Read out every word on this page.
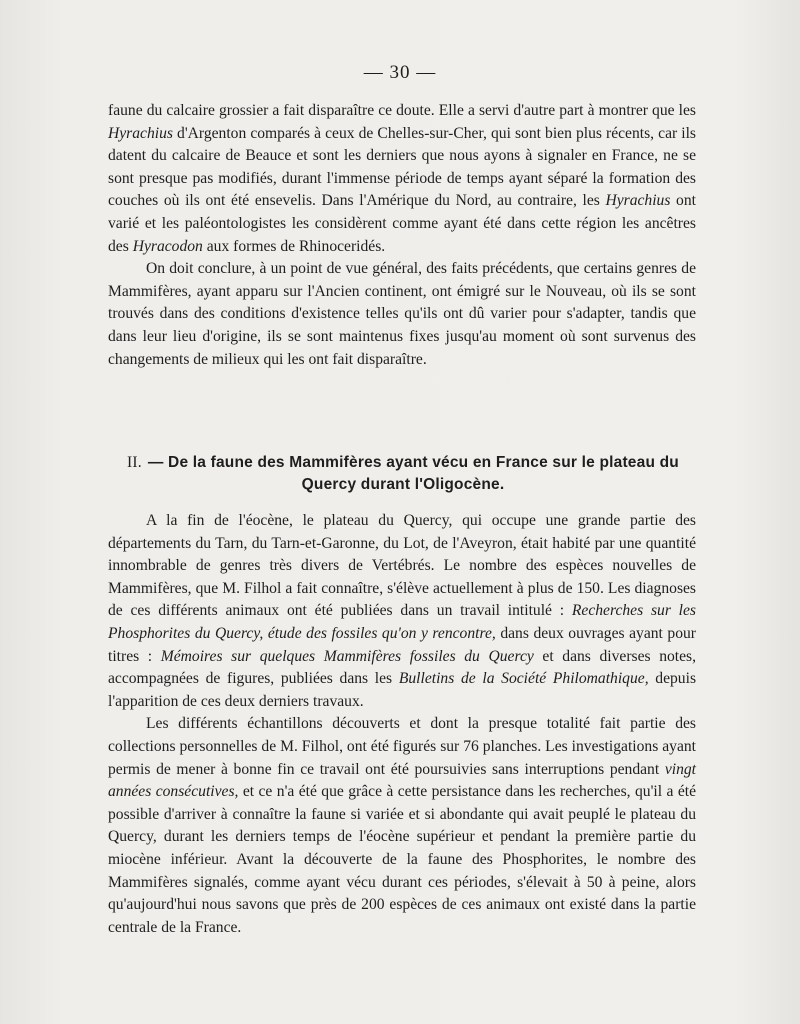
— 30 —

faune du calcaire grossier a fait disparaître ce doute. Elle a servi d'autre part à montrer que les Hyrachius d'Argenton comparés à ceux de Chelles-sur-Cher, qui sont bien plus récents, car ils datent du calcaire de Beauce et sont les derniers que nous ayons à signaler en France, ne se sont presque pas modifiés, durant l'immense période de temps ayant séparé la formation des couches où ils ont été ensevelis. Dans l'Amérique du Nord, au contraire, les Hyrachius ont varié et les paléontologistes les considèrent comme ayant été dans cette région les ancêtres des Hyracodon aux formes de Rhinoceridés.

On doit conclure, à un point de vue général, des faits précédents, que certains genres de Mammifères, ayant apparu sur l'Ancien continent, ont émigré sur le Nouveau, où ils se sont trouvés dans des conditions d'existence telles qu'ils ont dû varier pour s'adapter, tandis que dans leur lieu d'origine, ils se sont maintenus fixes jusqu'au moment où sont survenus des changements de milieux qui les ont fait disparaître.

II. — De la faune des Mammifères ayant vécu en France sur le plateau du Quercy durant l'Oligocène.

A la fin de l'éocène, le plateau du Quercy, qui occupe une grande partie des départements du Tarn, du Tarn-et-Garonne, du Lot, de l'Aveyron, était habité par une quantité innombrable de genres très divers de Vertébrés. Le nombre des espèces nouvelles de Mammifères, que M. Filhol a fait connaître, s'élève actuellement à plus de 150. Les diagnoses de ces différents animaux ont été publiées dans un travail intitulé : Recherches sur les Phosphorites du Quercy, étude des fossiles qu'on y rencontre, dans deux ouvrages ayant pour titres : Mémoires sur quelques Mammifères fossiles du Quercy et dans diverses notes, accompagnées de figures, publiées dans les Bulletins de la Société Philomathique, depuis l'apparition de ces deux derniers travaux.

Les différents échantillons découverts et dont la presque totalité fait partie des collections personnelles de M. Filhol, ont été figurés sur 76 planches. Les investigations ayant permis de mener à bonne fin ce travail ont été poursuivies sans interruptions pendant vingt années consécutives, et ce n'a été que grâce à cette persistance dans les recherches, qu'il a été possible d'arriver à connaître la faune si variée et si abondante qui avait peuplé le plateau du Quercy, durant les derniers temps de l'éocène supérieur et pendant la première partie du miocène inférieur. Avant la découverte de la faune des Phosphorites, le nombre des Mammifères signalés, comme ayant vécu durant ces périodes, s'élevait à 50 à peine, alors qu'aujourd'hui nous savons que près de 200 espèces de ces animaux ont existé dans la partie centrale de la France.
